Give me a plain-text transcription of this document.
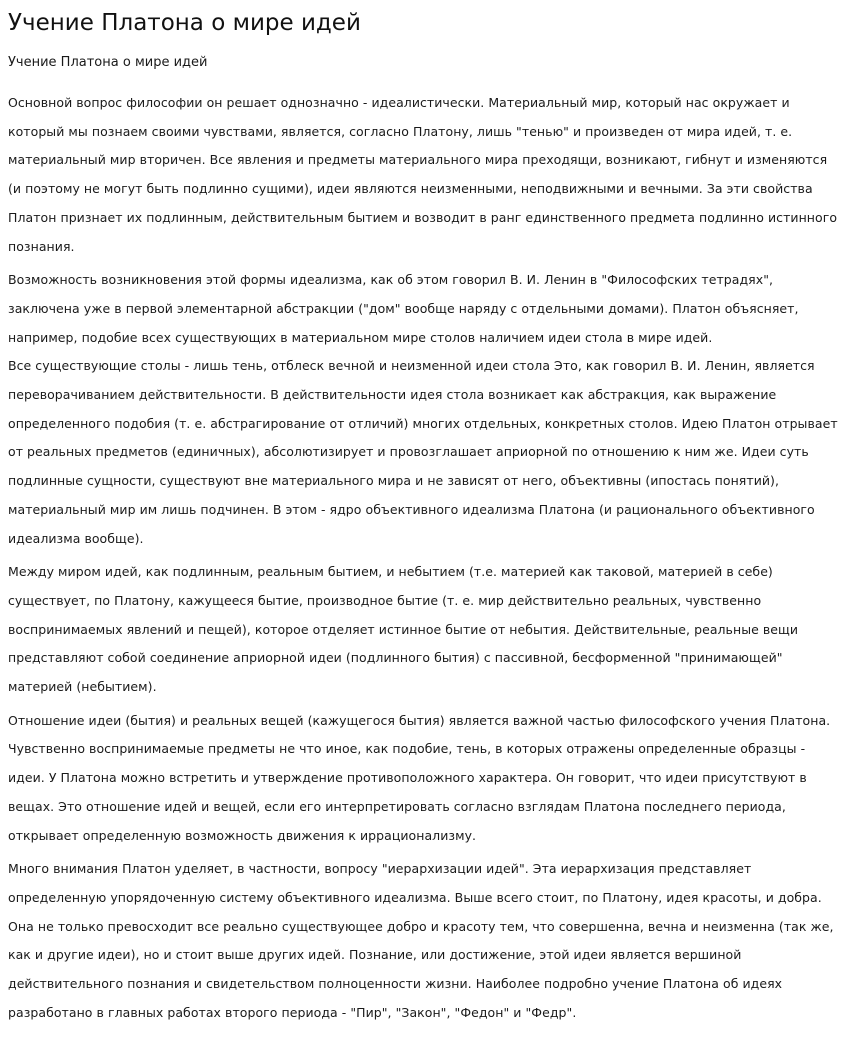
Учение Платона о мире идей
Учение Платона о мире идей
Основной вопрос философии он решает однозначно - идеалистически. Материальный мир, который нас окружает и который мы познаем своими чувствами, является, согласно Платону, лишь "тенью" и произведен от мира идей, т. е. материальный мир вторичен. Все явления и предметы материального мира преходящи, возникают, гибнут и изменяются (и поэтому не могут быть подлинно сущими), идеи являются неизменными, неподвижными и вечными. За эти свойства Платон признает их подлинным, действительным бытием и возводит в ранг единственного предмета подлинно истинного познания.
Возможность возникновения этой формы идеализма, как об этом говорил В. И. Ленин в "Философских тетрадях", заключена уже в первой элементарной абстракции ("дом" вообще наряду с отдельными домами). Платон объясняет, например, подобие всех существующих в материальном мире столов наличием идеи стола в мире идей.
Все существующие столы - лишь тень, отблеск вечной и неизменной идеи стола Это, как говорил В. И. Ленин, является переворачиванием действительности. В действительности идея стола возникает как абстракция, как выражение определенного подобия (т. е. абстрагирование от отличий) многих отдельных, конкретных столов. Идею Платон отрывает от реальных предметов (единичных), абсолютизирует и провозглашает априорной по отношению к ним же. Идеи суть подлинные сущности, существуют вне материального мира и не зависят от него, объективны (ипостась понятий), материальный мир им лишь подчинен. В этом - ядро объективного идеализма Платона (и рационального объективного идеализма вообще).
Между миром идей, как подлинным, реальным бытием, и небытием (т.е. материей как таковой, материей в себе) существует, по Платону, кажущееся бытие, производное бытие (т. е. мир действительно реальных, чувственно воспринимаемых явлений и пещей), которое отделяет истинное бытие от небытия. Действительные, реальные вещи представляют собой соединение априорной идеи (подлинного бытия) с пассивной, бесформенной "принимающей" материей (небытием).
Отношение идеи (бытия) и реальных вещей (кажущегося бытия) является важной частью философского учения Платона. Чувственно воспринимаемые предметы не что иное, как подобие, тень, в которых отражены определенные образцы - идеи. У Платона можно встретить и утверждение противоположного характера. Он говорит, что идеи присутствуют в вещах. Это отношение идей и вещей, если его интерпретировать согласно взглядам Платона последнего периода, открывает определенную возможность движения к иррационализму.
Много внимания Платон уделяет, в частности, вопросу "иерархизации идей". Эта иерархизация представляет определенную упорядоченную систему объективного идеализма. Выше всего стоит, по Платону, идея красоты, и добра. Она не только превосходит все реально существующее добро и красоту тем, что совершенна, вечна и неизменна (так же, как и другие идеи), но и стоит выше других идей. Познание, или достижение, этой идеи является вершиной действительного познания и свидетельством полноценности жизни. Наиболее подробно учение Платона об идеях разработано в главных работах второго периода - "Пир", "Закон", "Федон" и "Федр".
